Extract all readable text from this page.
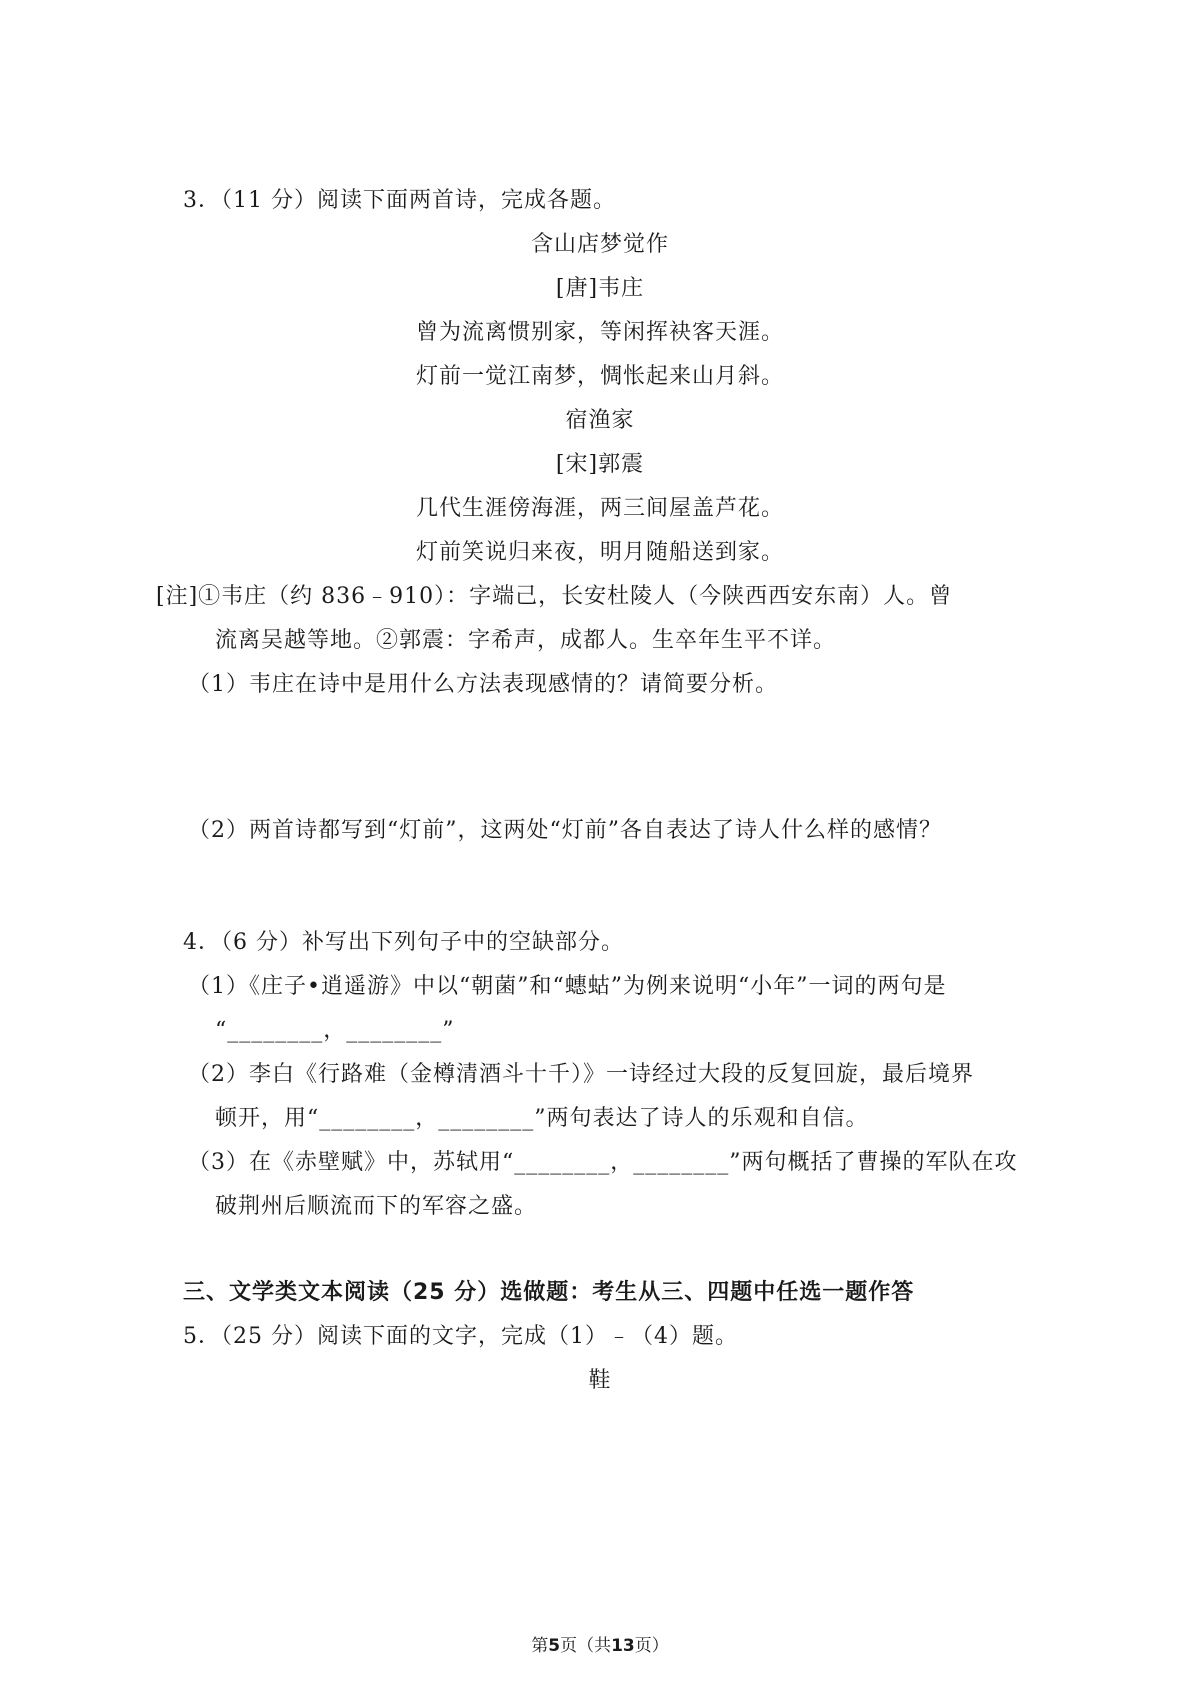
3．（11 分）阅读下面两首诗，完成各题。
含山店梦觉作
[唐]韦庄
曾为流离惯别家，等闲挥袂客天涯。
灯前一觉江南梦，惆怅起来山月斜。
宿渔家
[宋]郭震
几代生涯傍海涯，两三间屋盖芦花。
灯前笑说归来夜，明月随船送到家。
[注]①韦庄（约 836﹣910）：字端己，长安杜陵人（今陕西西安东南）人。曾
流离吴越等地。②郭震：字希声，成都人。生卒年生平不详。
（1）韦庄在诗中是用什么方法表现感情的？请简要分析。
（2）两首诗都写到“灯前”，这两处“灯前”各自表达了诗人什么样的感情？
4．（6 分）补写出下列句子中的空缺部分。
（1）《庄子•逍遥游》中以“朝菌”和“蟪蛄”为例来说明“小年”一词的两句是
“________，________”
（2）李白《行路难（金樽清酒斗十千）》一诗经过大段的反复回旋，最后境界
顿开，用“________，________”两句表达了诗人的乐观和自信。
（3）在《赤壁赋》中，苏轼用“________，________”两句概括了曹操的军队在攻
破荆州后顺流而下的军容之盛。
三、文学类文本阅读（25 分）选做题：考生从三、四题中任选一题作答
5．（25 分）阅读下面的文字，完成（1）﹣（4）题。
鞋
第5页（共13页）
